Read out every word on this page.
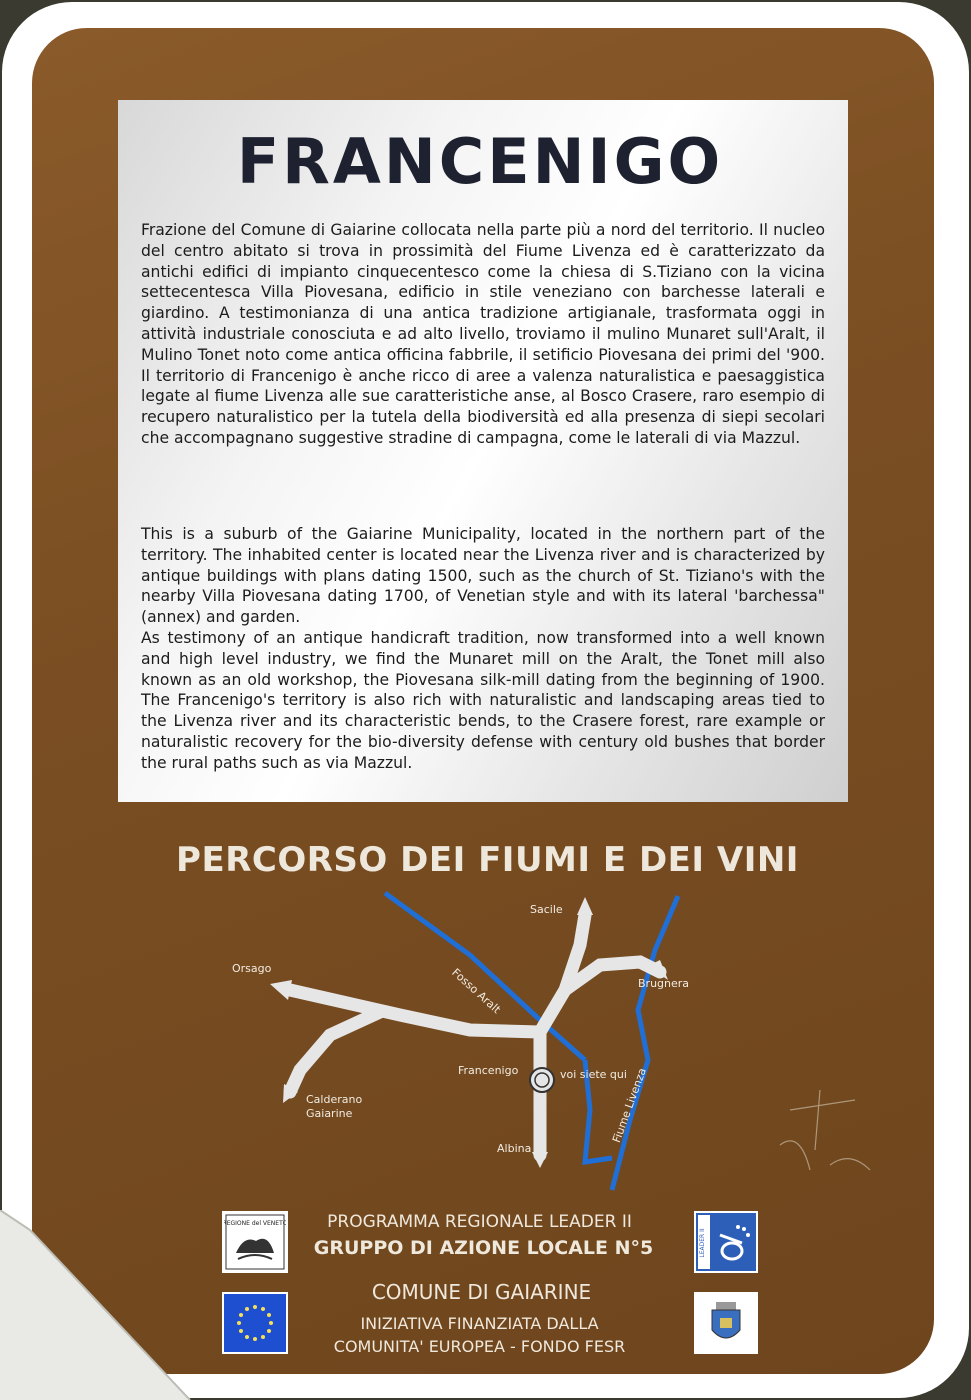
FRANCENIGO

Frazione del Comune di Gaiarine collocata nella parte più a nord del territorio. Il nucleo del centro abitato si trova in prossimità del Fiume Livenza ed è caratterizzato da antichi edifici di impianto cinquecentesco come la chiesa di S.Tiziano con la vicina settecentesca Villa Piovesana, edificio in stile veneziano con barchesse laterali e giardino. A testimonianza di una antica tradizione artigianale, trasformata oggi in attività industriale conosciuta e ad alto livello, troviamo il mulino Munaret sull'Aralt, il Mulino Tonet noto come antica officina fabbrile, il setificio Piovesana dei primi del '900. Il territorio di Francenigo è anche ricco di aree a valenza naturalistica e paesaggistica legate al fiume Livenza alle sue caratteristiche anse, al Bosco Crasere, raro esempio di recupero naturalistico per la tutela della biodiversità ed alla presenza di siepi secolari che accompagnano suggestive stradine di campagna, come le laterali di via Mazzul.

This is a suburb of the Gaiarine Municipality, located in the northern part of the territory. The inhabited center is located near the Livenza river and is characterized by antique buildings with plans dating 1500, such as the church of St. Tiziano's with the nearby Villa Piovesana dating 1700, of Venetian style and with its lateral 'barchessa" (annex) and garden.

As testimony of an antique handicraft tradition, now transformed into a well known and high level industry, we find the Munaret mill on the Aralt, the Tonet mill also known as an old workshop, the Piovesana silk-mill dating from the beginning of 1900. The Francenigo's territory is also rich with naturalistic and landscaping areas tied to the Livenza river and its characteristic bends, to the Crasere forest, rare example or naturalistic recovery for the bio-diversity defense with century old bushes that border the rural paths such as via Mazzul.

PERCORSO DEI FIUMI E DEI VINI
Sacile
Orsago
Brugnera
Fosso Aralt
Francenigo	voi siete qui
Calderano
Gaiarine
Albina
Fiume Livenza
REGIONE del VENETO
LEADER II

PROGRAMMA REGIONALE LEADER II

GRUPPO DI AZIONE LOCALE N°5

COMUNE DI GAIARINE

INIZIATIVA FINANZIATA DALLA

COMUNITA' EUROPEA - FONDO FESR
